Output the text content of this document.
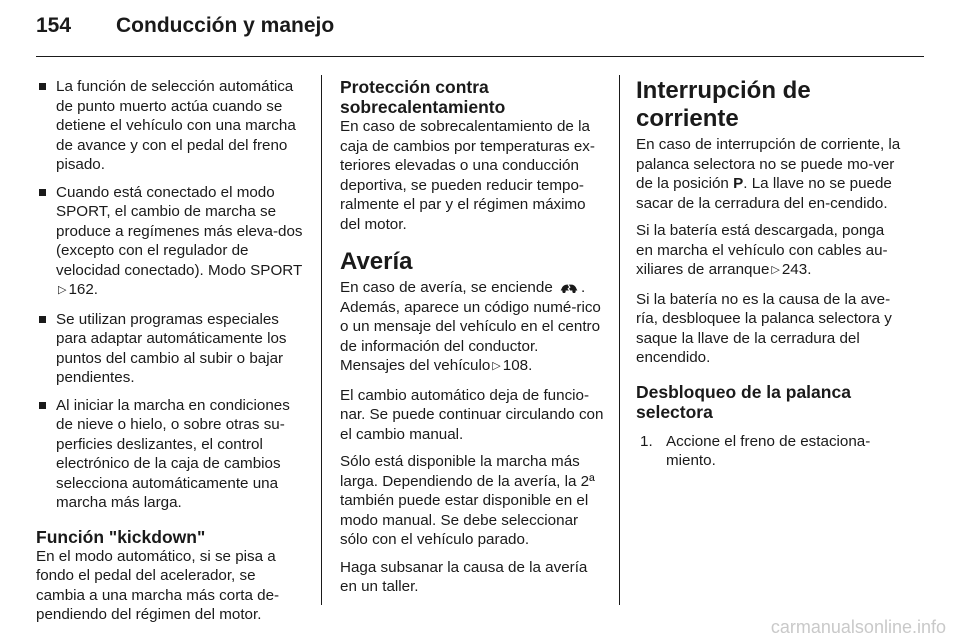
154	Conducción y manejo
La función de selección automática de punto muerto actúa cuando se detiene el vehículo con una marcha de avance y con el pedal del freno pisado.
Cuando está conectado el modo SPORT, el cambio de marcha se produce a regímenes más eleva-dos (excepto con el regulador de velocidad conectado). Modo SPORT▷ 162.
Se utilizan programas especiales para adaptar automáticamente los puntos del cambio al subir o bajar pendientes.
Al iniciar la marcha en condiciones de nieve o hielo, o sobre otras su-perficies deslizantes, el control electrónico de la caja de cambios selecciona automáticamente una marcha más larga.
Función "kickdown"

En el modo automático, si se pisa a fondo el pedal del acelerador, se cambia a una marcha más corta de-pendiendo del régimen del motor.

Protección contra sobrecalentamiento

En caso de sobrecalentamiento de la caja de cambios por temperaturas ex-teriores elevadas o una conducción deportiva, se pueden reducir tempo-ralmente el par y el régimen máximo del motor.

Avería

En caso de avería, se enciende . Además, aparece un código numé-rico o un mensaje del vehículo en el centro de información del conductor. Mensajes del vehículo ▷ 108.

El cambio automático deja de funcio-nar. Se puede continuar circulando con el cambio manual.

Sólo está disponible la marcha más larga. Dependiendo de la avería, la 2ª también puede estar disponible en el modo manual. Se debe seleccionar sólo con el vehículo parado.

Haga subsanar la causa de la avería en un taller.

Interrupción de corriente

En caso de interrupción de corriente, la palanca selectora no se puede mo-ver de la posición P. La llave no se puede sacar de la cerradura del en-cendido.

Si la batería está descargada, ponga en marcha el vehículo con cables au-xiliares de arranque ▷ 243.

Si la batería no es la causa de la ave-ría, desbloquee la palanca selectora y saque la llave de la cerradura del encendido.

Desbloqueo de la palanca selectora
1. Accione el freno de estaciona-miento.
carmanualsonline.info
